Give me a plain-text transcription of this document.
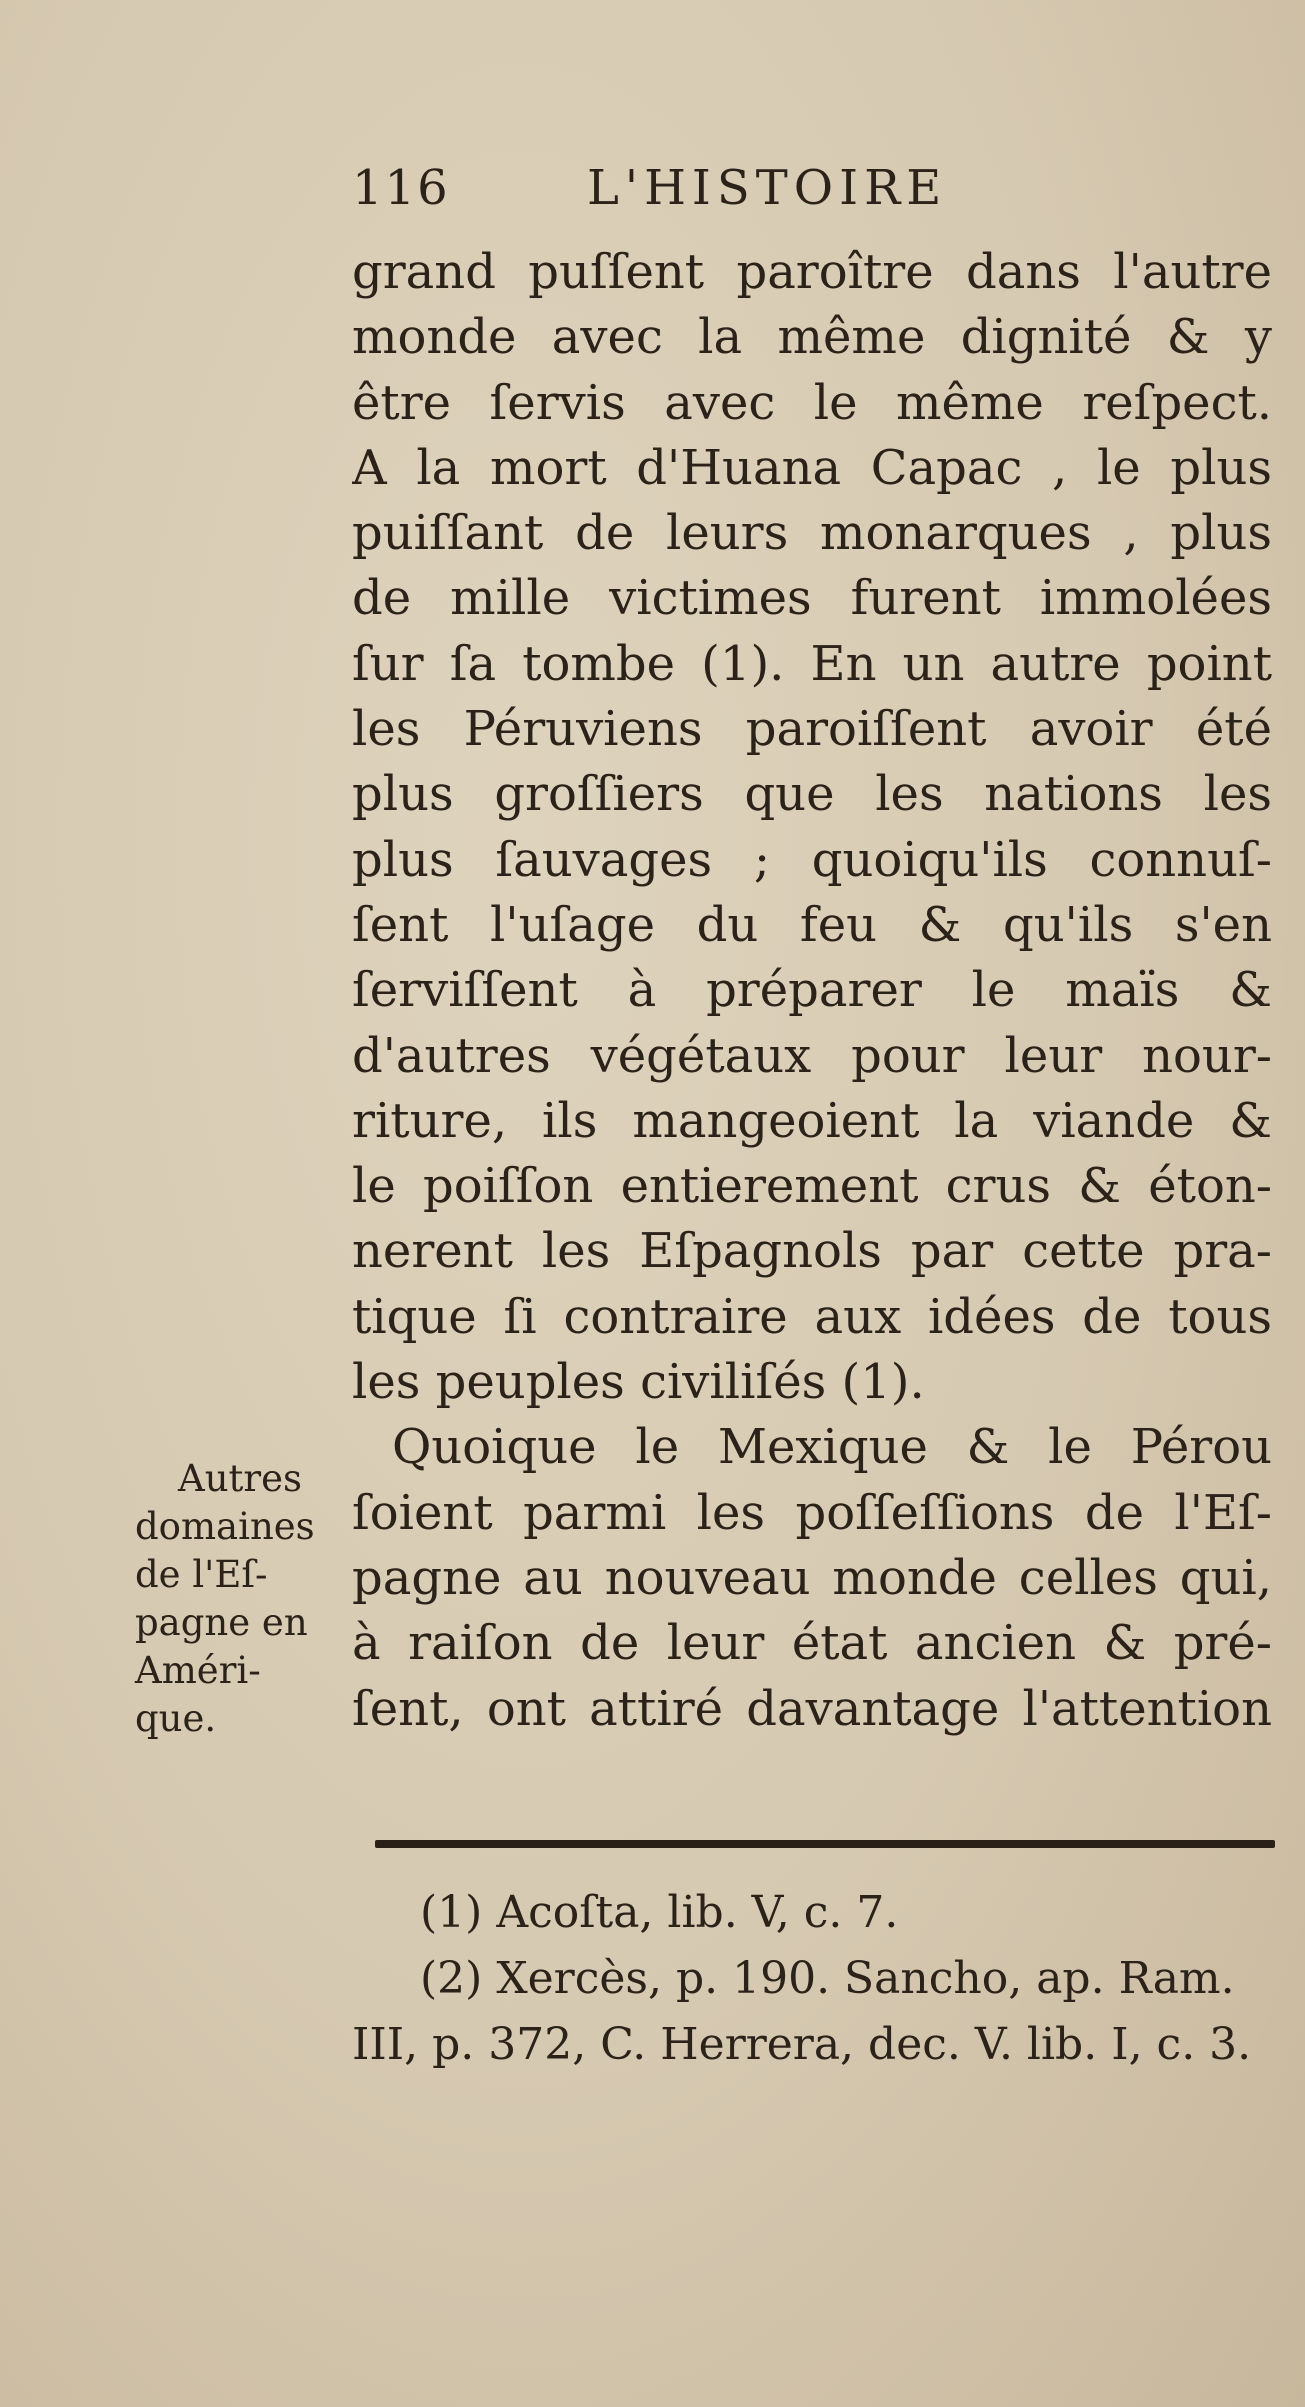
116	L'HISTOIRE
grand puſſent paroître dans l'autre
monde avec la même dignité & y
être ſervis avec le même reſpect.
A la mort d'Huana Capac , le plus
puiſſant de leurs monarques , plus
de mille victimes furent immolées
ſur ſa tombe (1). En un autre point
les Péruviens paroiſſent avoir été
plus groſſiers que les nations les
plus ſauvages ; quoiqu'ils connuſ-
ſent l'uſage du feu & qu'ils s'en
ſerviſſent à préparer le maïs &
d'autres végétaux pour leur nour-
riture, ils mangeoient la viande &
le poiſſon entierement crus & éton-
nerent les Eſpagnols par cette pra-
tique ſi contraire aux idées de tous
les peuples civiliſés (1).
Quoique le Mexique & le Pérou
ſoient parmi les poſſeſſions de l'Eſ-
pagne au nouveau monde celles qui,
à raiſon de leur état ancien & pré-
ſent, ont attiré davantage l'attention
Autres
domaines
de l'Eſ-
pagne en
Améri-
que.
(1) Acoſta, lib. V, c. 7.
(2) Xercès, p. 190. Sancho, ap. Ram.
III, p. 372, C. Herrera, dec. V. lib. I, c. 3.
